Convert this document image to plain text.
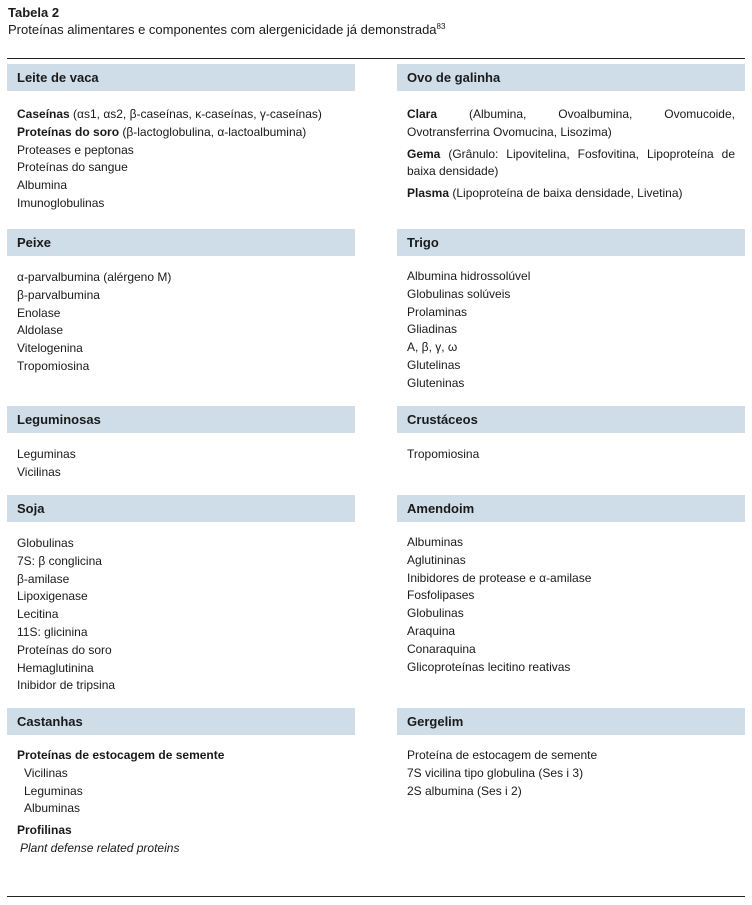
Tabela 2
Proteínas alimentares e componentes com alergenicidade já demonstrada$^{83}$
Leite de vaca
Caseínas (αs1, αs2, β-caseínas, κ-caseínas, γ-caseínas)
Proteínas do soro (β-lactoglobulina, α-lactoalbumina)
Proteases e peptonas
Proteínas do sangue
Albumina
Imunoglobulinas
Ovo de galinha
Clara (Albumina, Ovoalbumina, Ovomucoide, Ovotransferrina Ovomucina, Lisozima)
Gema (Grânulo: Lipovitelina, Fosfovitina, Lipoproteína de baixa densidade)
Plasma (Lipoproteína de baixa densidade, Livetina)
Peixe
α-parvalbumina (alérgeno M)
β-parvalbumina
Enolase
Aldolase
Vitelogenina
Tropomiosina
Trigo
Albumina hidrossolúvel
Globulinas solúveis
Prolaminas
Gliadinas
Α, β, γ, ω
Glutelinas
Gluteninas
Leguminosas
Leguminas
Vicilinas
Crustáceos
Tropomiosina
Soja
Globulinas
7S: β conglicina
β-amilase
Lipoxigenase
Lecitina
11S: glicinina
Proteínas do soro
Hemaglutinina
Inibidor de tripsina
Amendoim
Albuminas
Aglutininas
Inibidores de protease e α-amilase
Fosfolipases
Globulinas
Araquina
Conaraquina
Glicoproteínas lecitino reativas
Castanhas
Proteínas de estocagem de semente
Vicilinas
Leguminas
Albuminas
Profilinas
Plant defense related proteins
Gergelim
Proteína de estocagem de semente
7S vicilina tipo globulina (Ses i 3)
2S albumina (Ses i 2)
